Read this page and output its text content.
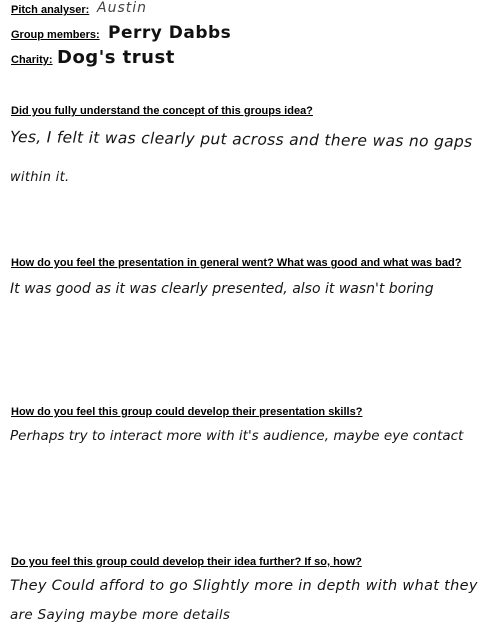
Pitch analyser: Austin
Group members: Perry Dabbs
Charity: Dog's trust
Did you fully understand the concept of this groups idea?
Yes, I felt it was clearly put across and there was no gaps
within it.
How do you feel the presentation in general went? What was good and what was bad?
It was good as it was clearly presented, also it wasn't boring
How do you feel this group could develop their presentation skills?
Perhaps try to interact more with it's audience, maybe eye contact
Do you feel this group could develop their idea further? If so, how?
They Could afford to go Slightly more in depth with what they
are Saying maybe more details
